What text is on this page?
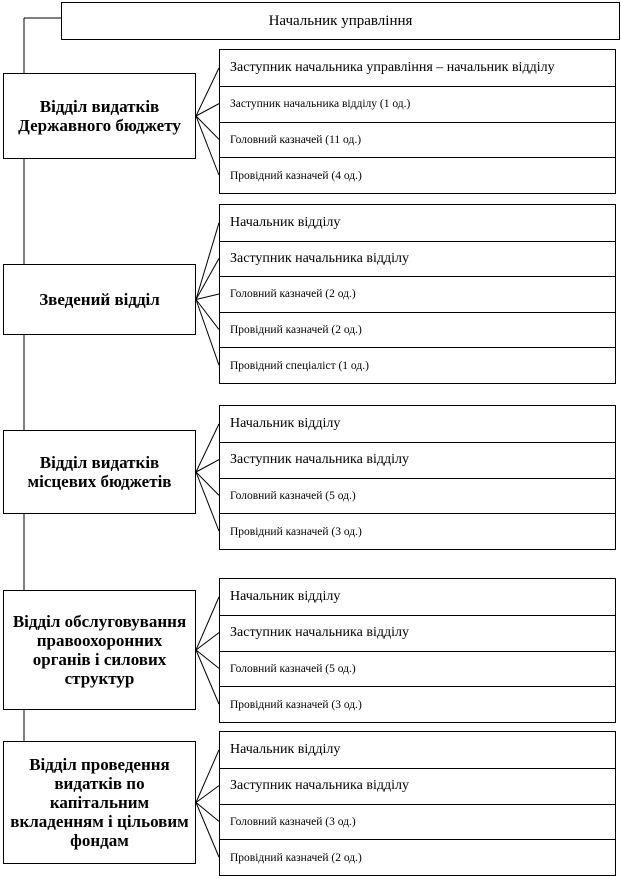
Начальник управління
Відділ видатків Державного бюджету
Заступник начальника управління – начальник відділу
Заступник начальника відділу (1 од.)
Головний казначей (11 од.)
Провідний казначей (4 од.)
Зведений відділ
Начальник відділу
Заступник начальника відділу
Головний казначей (2 од.)
Провідний казначей (2 од.)
Провідний спеціаліст (1 од.)
Відділ видатків місцевих бюджетів
Начальник відділу
Заступник начальника відділу
Головний казначей (5 од.)
Провідний казначей (3 од.)
Відділ обслуговування правоохоронних органів і силових структур
Начальник відділу
Заступник начальника відділу
Головний казначей (5 од.)
Провідний казначей (3 од.)
Відділ проведення видатків по капітальним вкладенням і цільовим фондам
Начальник відділу
Заступник начальника відділу
Головний казначей (3 од.)
Провідний казначей (2 од.)
